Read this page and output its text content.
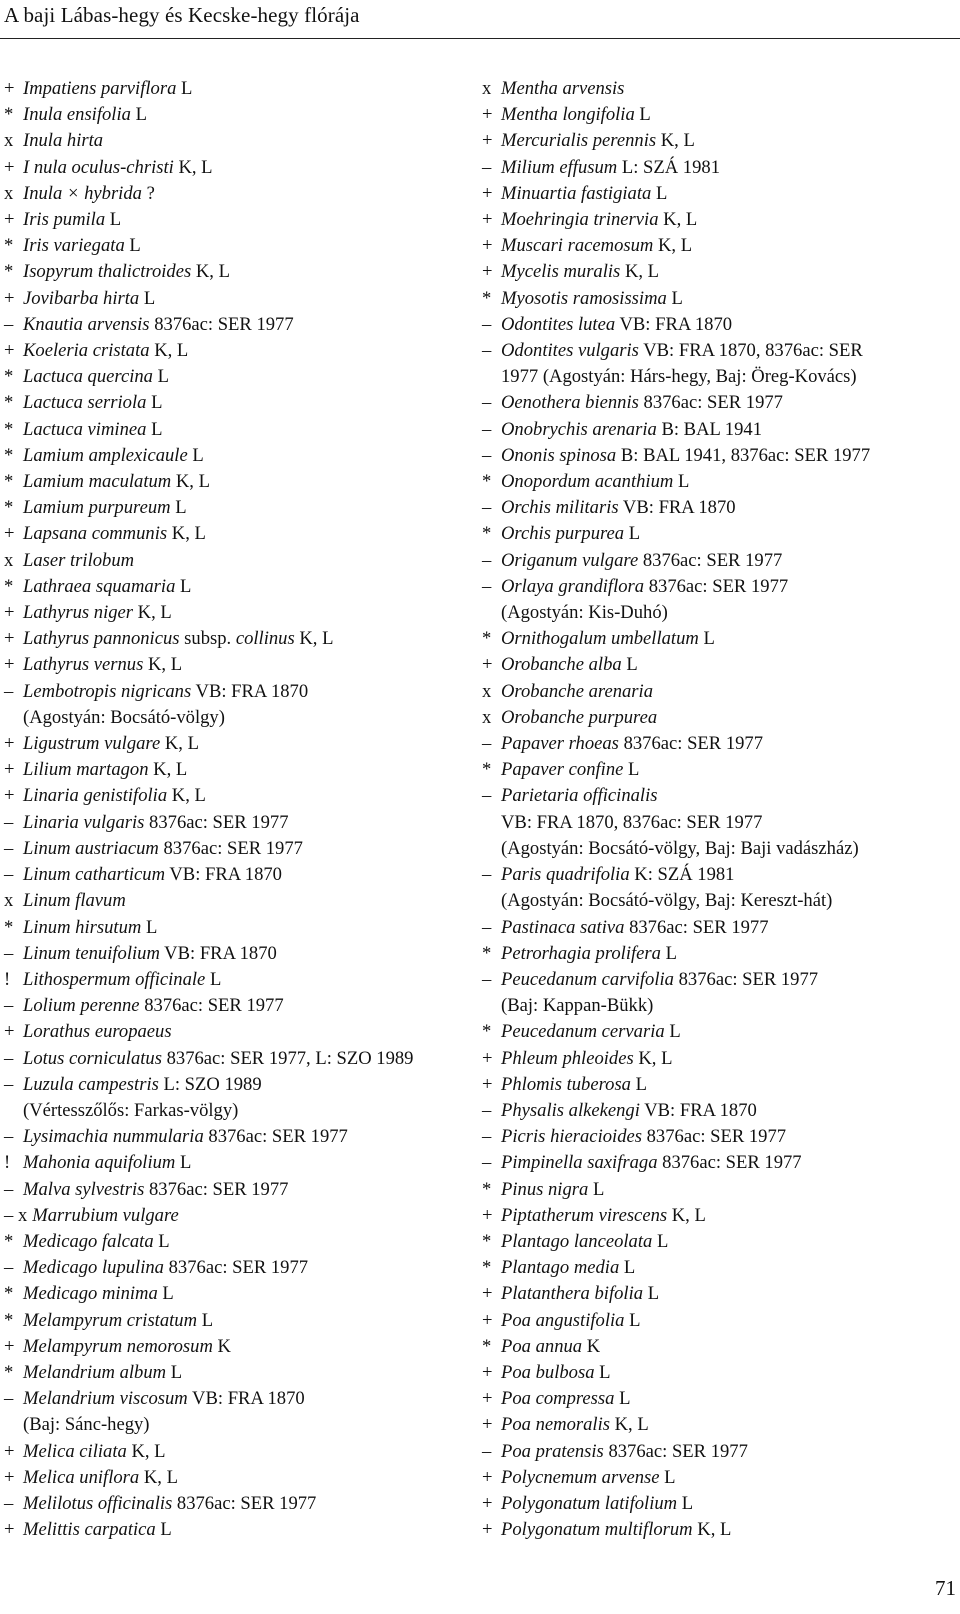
A baji Lábas-hegy és Kecske-hegy flórája
+ Impatiens parviflora L
* Inula ensifolia L
x Inula hirta
+ I nula oculus-christi K, L
x Inula × hybrida ?
+ Iris pumila L
* Iris variegata L
* Isopyrum thalictroides K, L
+ Jovibarba hirta L
– Knautia arvensis 8376ac: SER 1977
+ Koeleria cristata K, L
* Lactuca quercina L
* Lactuca serriola L
* Lactuca viminea L
* Lamium amplexicaule L
* Lamium maculatum K, L
* Lamium purpureum L
+ Lapsana communis K, L
x Laser trilobum
* Lathraea squamaria L
+ Lathyrus niger K, L
+ Lathyrus pannonicus subsp. collinus K, L
+ Lathyrus vernus K, L
– Lembotropis nigricans VB: FRA 1870
(Agostyán: Bocsátó-völgy)
+ Ligustrum vulgare K, L
+ Lilium martagon K, L
+ Linaria genistifolia K, L
– Linaria vulgaris 8376ac: SER 1977
– Linum austriacum 8376ac: SER 1977
– Linum catharticum VB: FRA 1870
x Linum flavum
* Linum hirsutum L
– Linum tenuifolium VB: FRA 1870
! Lithospermum officinale L
– Lolium perenne 8376ac: SER 1977
+ Lorathus europaeus
– Lotus corniculatus 8376ac: SER 1977, L: SZO 1989
– Luzula campestris L: SZO 1989
(Vértesszőlős: Farkas-völgy)
– Lysimachia nummularia 8376ac: SER 1977
! Mahonia aquifolium L
– Malva sylvestris 8376ac: SER 1977
– x Marrubium vulgare
* Medicago falcata L
– Medicago lupulina 8376ac: SER 1977
* Medicago minima L
* Melampyrum cristatum L
+ Melampyrum nemorosum K
* Melandrium album L
– Melandrium viscosum VB: FRA 1870
(Baj: Sánc-hegy)
+ Melica ciliata K, L
+ Melica uniflora K, L
– Melilotus officinalis 8376ac: SER 1977
+ Melittis carpatica L
x Mentha arvensis
+ Mentha longifolia L
+ Mercurialis perennis K, L
– Milium effusum L: SZÁ 1981
+ Minuartia fastigiata L
+ Moehringia trinervia K, L
+ Muscari racemosum K, L
+ Mycelis muralis K, L
* Myosotis ramosissima L
– Odontites lutea VB: FRA 1870
– Odontites vulgaris VB: FRA 1870, 8376ac: SER
1977 (Agostyán: Hárs-hegy, Baj: Öreg-Kovács)
– Oenothera biennis 8376ac: SER 1977
– Onobrychis arenaria B: BAL 1941
– Ononis spinosa B: BAL 1941, 8376ac: SER 1977
* Onopordum acanthium L
– Orchis militaris VB: FRA 1870
* Orchis purpurea L
– Origanum vulgare 8376ac: SER 1977
– Orlaya grandiflora 8376ac: SER 1977
(Agostyán: Kis-Duhó)
* Ornithogalum umbellatum L
+ Orobanche alba L
x Orobanche arenaria
x Orobanche purpurea
– Papaver rhoeas 8376ac: SER 1977
* Papaver confine L
– Parietaria officinalis
VB: FRA 1870, 8376ac: SER 1977
(Agostyán: Bocsátó-völgy, Baj: Baji vadászház)
– Paris quadrifolia K: SZÁ 1981
(Agostyán: Bocsátó-völgy, Baj: Kereszt-hát)
– Pastinaca sativa 8376ac: SER 1977
* Petrorhagia prolifera L
– Peucedanum carvifolia 8376ac: SER 1977
(Baj: Kappan-Bükk)
* Peucedanum cervaria L
+ Phleum phleoides K, L
+ Phlomis tuberosa L
– Physalis alkekengi VB: FRA 1870
– Picris hieracioides 8376ac: SER 1977
– Pimpinella saxifraga 8376ac: SER 1977
* Pinus nigra L
+ Piptatherum virescens K, L
* Plantago lanceolata L
* Plantago media L
+ Platanthera bifolia L
+ Poa angustifolia L
* Poa annua K
+ Poa bulbosa L
+ Poa compressa L
+ Poa nemoralis K, L
– Poa pratensis 8376ac: SER 1977
+ Polycnemum arvense L
+ Polygonatum latifolium L
+ Polygonatum multiflorum K, L
71
